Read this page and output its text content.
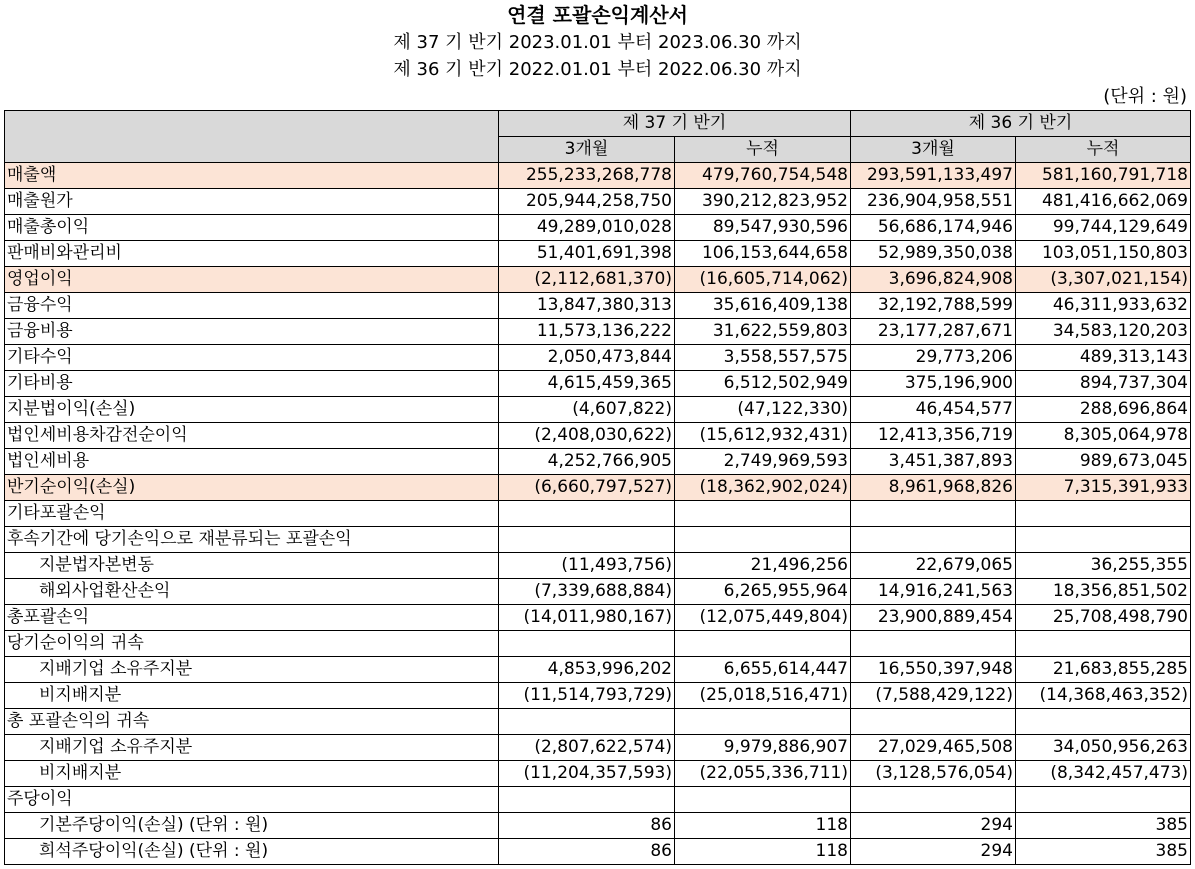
연결 포괄손익계산서
제 37 기 반기 2023.01.01 부터 2023.06.30 까지
제 36 기 반기 2022.01.01 부터 2022.06.30 까지
(단위 : 원)
	제 37 기 반기		제 36 기 반기	
	3개월	누적	3개월	누적
매출액	255,233,268,778	479,760,754,548	293,591,133,497	581,160,791,718
매출원가	205,944,258,750	390,212,823,952	236,904,958,551	481,416,662,069
매출총이익	49,289,010,028	89,547,930,596	56,686,174,946	99,744,129,649
판매비와관리비	51,401,691,398	106,153,644,658	52,989,350,038	103,051,150,803
영업이익	(2,112,681,370)	(16,605,714,062)	3,696,824,908	(3,307,021,154)
금융수익	13,847,380,313	35,616,409,138	32,192,788,599	46,311,933,632
금융비용	11,573,136,222	31,622,559,803	23,177,287,671	34,583,120,203
기타수익	2,050,473,844	3,558,557,575	29,773,206	489,313,143
기타비용	4,615,459,365	6,512,502,949	375,196,900	894,737,304
지분법이익(손실)	(4,607,822)	(47,122,330)	46,454,577	288,696,864
법인세비용차감전순이익	(2,408,030,622)	(15,612,932,431)	12,413,356,719	8,305,064,978
법인세비용	4,252,766,905	2,749,969,593	3,451,387,893	989,673,045
반기순이익(손실)	(6,660,797,527)	(18,362,902,024)	8,961,968,826	7,315,391,933
기타포괄손익				
후속기간에 당기손익으로 재분류되는 포괄손익				
지분법자본변동	(11,493,756)	21,496,256	22,679,065	36,255,355
해외사업환산손익	(7,339,688,884)	6,265,955,964	14,916,241,563	18,356,851,502
총포괄손익	(14,011,980,167)	(12,075,449,804)	23,900,889,454	25,708,498,790
당기순이익의 귀속				
지배기업 소유주지분	4,853,996,202	6,655,614,447	16,550,397,948	21,683,855,285
비지배지분	(11,514,793,729)	(25,018,516,471)	(7,588,429,122)	(14,368,463,352)
총 포괄손익의 귀속				
지배기업 소유주지분	(2,807,622,574)	9,979,886,907	27,029,465,508	34,050,956,263
비지배지분	(11,204,357,593)	(22,055,336,711)	(3,128,576,054)	(8,342,457,473)
주당이익				
기본주당이익(손실) (단위 : 원)	86	118	294	385
희석주당이익(손실) (단위 : 원)	86	118	294	385
